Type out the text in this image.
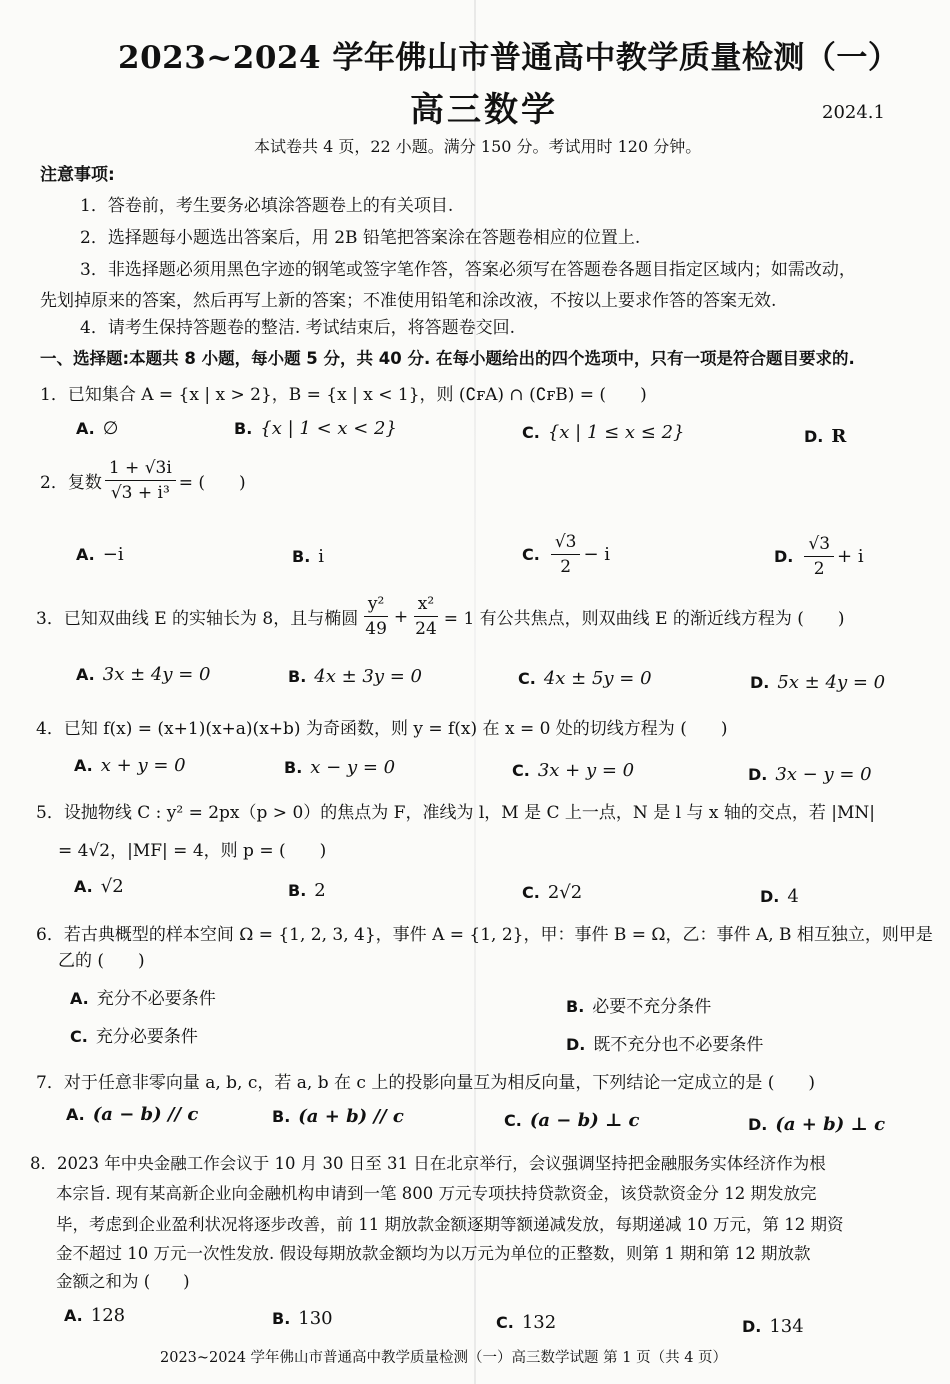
2023~2024 学年佛山市普通高中教学质量检测（一）
高三数学	2024.1
本试卷共 4 页，22 小题。满分 150 分。考试用时 120 分钟。
注意事项:
1．答卷前，考生要务必填涂答题卷上的有关项目.
2．选择题每小题选出答案后，用 2B 铅笔把答案涂在答题卷相应的位置上.
3．非选择题必须用黑色字迹的钢笔或签字笔作答，答案必须写在答题卷各题目指定区域内；如需改动，
先划掉原来的答案，然后再写上新的答案；不准使用铅笔和涂改液，不按以上要求作答的答案无效.
4．请考生保持答题卷的整洁. 考试结束后，将答题卷交回.
一、选择题:本题共 8 小题，每小题 5 分，共 40 分. 在每小题给出的四个选项中，只有一项是符合题目要求的.
1．已知集合 A = {x | x > 2}，B = {x | x < 1}，则 (∁ꜰA) ∩ (∁ꜰB) = (　　)
A. ∅	B. {x | 1 < x < 2}	C. {x | 1 ≤ x ≤ 2}	D. R
2．复数 $\frac{1 + √3i}{\text{√3 + i³}}$ = (　　)
A. −i	B. i	C. $\frac{√3}{2} - i$	D. $\frac{√3}{2} + i$
3．已知双曲线 E 的实轴长为 8，且与椭圆 $\frac{\text{y²}}{49} + \frac{\text{x²}}{24} = 1$ 有公共焦点，则双曲线 E 的渐近线方程为 (　　)
A. 3x ± 4y = 0	B. 4x ± 3y = 0	C. 4x ± 5y = 0	D. 5x ± 4y = 0
4．已知 f(x) = (x+1)(x+a)(x+b) 为奇函数，则 y = f(x) 在 x = 0 处的切线方程为 (　　)
A. x + y = 0	B. x − y = 0	C. 3x + y = 0	D. 3x − y = 0
5．设抛物线 C : y² = 2px（p > 0）的焦点为 F，准线为 l，M 是 C 上一点，N 是 l 与 x 轴的交点，若 |MN|
= 4√2，|MF| = 4，则 p = (　　)
A. √2	B. 2	C. 2√2	D. 4
6．若古典概型的样本空间 Ω = {1, 2, 3, 4}，事件 A = {1, 2}，甲：事件 B = Ω，乙：事件 A, B 相互独立，则甲是
乙的 (　　)
A. 充分不必要条件	B. 必要不充分条件
C. 充分必要条件	D. 既不充分也不必要条件
7．对于任意非零向量 a, b, c，若 a, b 在 c 上的投影向量互为相反向量，下列结论一定成立的是 (　　)
A. (a − b) // c	B. (a + b) // c	C. (a − b) ⊥ c	D. (a + b) ⊥ c
8．2023 年中央金融工作会议于 10 月 30 日至 31 日在北京举行，会议强调坚持把金融服务实体经济作为根
本宗旨. 现有某高新企业向金融机构申请到一笔 800 万元专项扶持贷款资金，该贷款资金分 12 期发放完
毕，考虑到企业盈利状况将逐步改善，前 11 期放款金额逐期等额递减发放，每期递减 10 万元，第 12 期资
金不超过 10 万元一次性发放. 假设每期放款金额均为以万元为单位的正整数，则第 1 期和第 12 期放款
金额之和为 (　　)
A. 128	B. 130	C. 132	D. 134
2023~2024 学年佛山市普通高中教学质量检测（一）高三数学试题 第 1 页（共 4 页）
